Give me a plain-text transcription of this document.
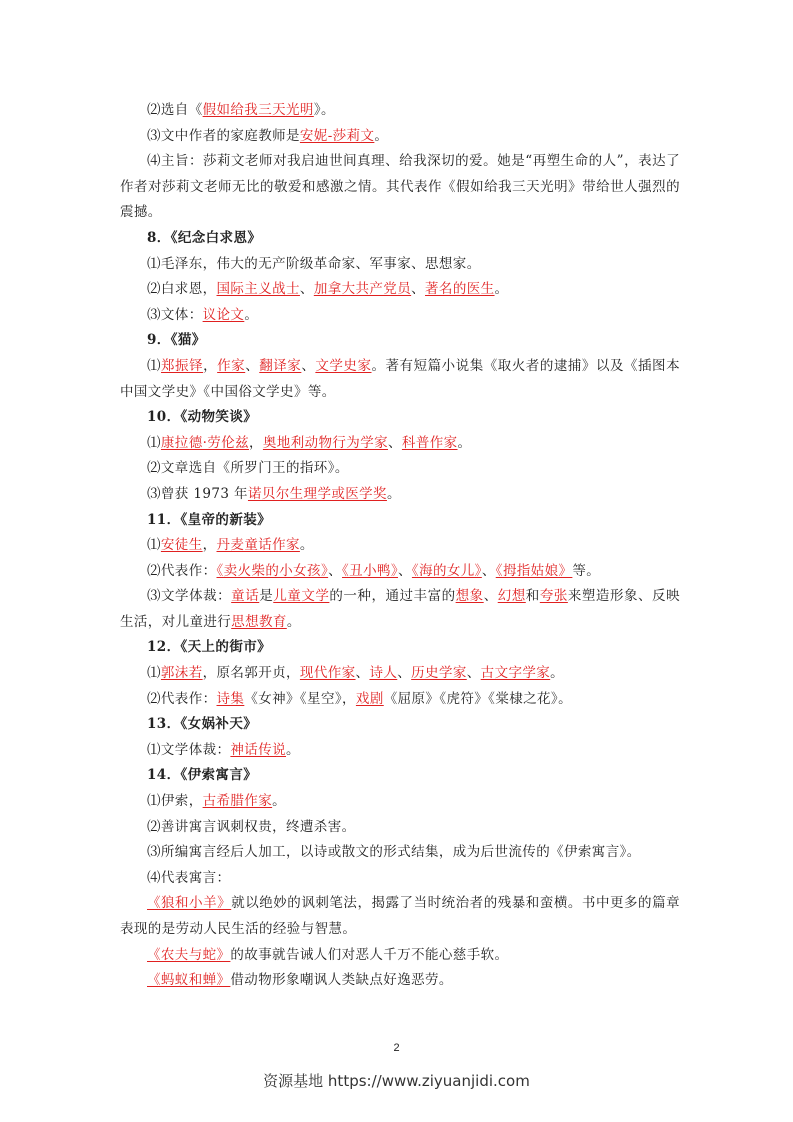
⑵选自《假如给我三天光明》。
⑶文中作者的家庭教师是安妮-莎莉文。
⑷主旨：莎莉文老师对我启迪世间真理、给我深切的爱。她是“再塑生命的人”，表达了作者对莎莉文老师无比的敬爱和感激之情。其代表作《假如给我三天光明》带给世人强烈的震撼。
8．《纪念白求恩》
⑴毛泽东，伟大的无产阶级革命家、军事家、思想家。
⑵白求恩，国际主义战士、加拿大共产党员、著名的医生。
⑶文体：议论文。
9．《猫》
⑴郑振铎，作家、翻译家、文学史家。著有短篇小说集《取火者的逮捕》以及《插图本中国文学史》《中国俗文学史》等。
10．《动物笑谈》
⑴康拉德·劳伦兹，奥地利动物行为学家、科普作家。
⑵文章选自《所罗门王的指环》。
⑶曾获 1973 年诺贝尔生理学或医学奖。
11．《皇帝的新装》
⑴安徒生，丹麦童话作家。
⑵代表作：《卖火柴的小女孩》、《丑小鸭》、《海的女儿》、《拇指姑娘》等。
⑶文学体裁：童话是儿童文学的一种，通过丰富的想象、幻想和夸张来塑造形象、反映生活，对儿童进行思想教育。
12．《天上的街市》
⑴郭沫若，原名郭开贞，现代作家、诗人、历史学家、古文字学家。
⑵代表作：诗集《女神》《星空》，戏剧《屈原》《虎符》《棠棣之花》。
13．《女娲补天》
⑴文学体裁：神话传说。
14．《伊索寓言》
⑴伊索，古希腊作家。
⑵善讲寓言讽刺权贵，终遭杀害。
⑶所编寓言经后人加工，以诗或散文的形式结集，成为后世流传的《伊索寓言》。
⑷代表寓言：
《狼和小羊》就以绝妙的讽刺笔法，揭露了当时统治者的残暴和蛮横。书中更多的篇章表现的是劳动人民生活的经验与智慧。
《农夫与蛇》的故事就告诫人们对恶人千万不能心慈手软。
《蚂蚁和蝉》借动物形象嘲讽人类缺点好逸恶劳。
2
资源基地 https://www.ziyuanjidi.com
